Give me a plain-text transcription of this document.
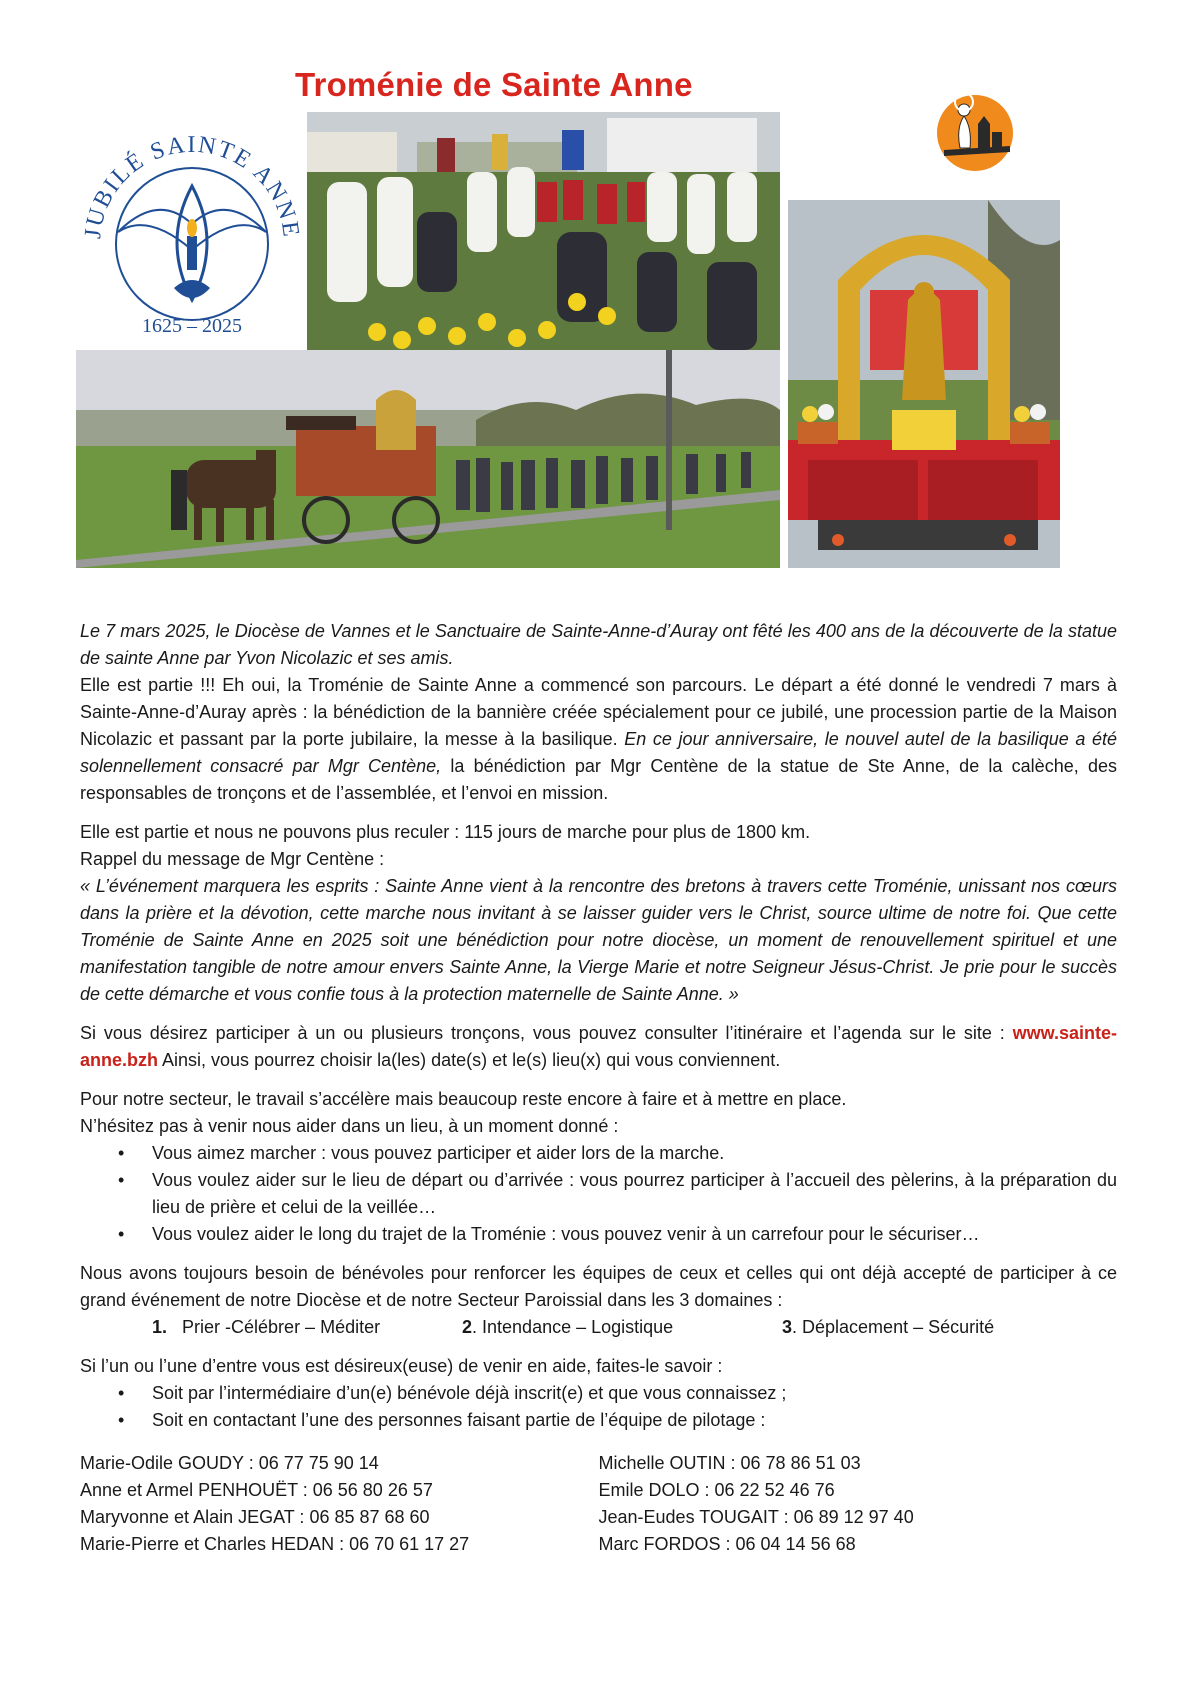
Troménie de Sainte Anne
JUBILÉ SAINTE ANNE
1625 – 2025

Le 7 mars 2025, le Diocèse de Vannes et le Sanctuaire de Sainte-Anne-d’Auray ont fêté les 400 ans de la découverte de la statue de sainte Anne par Yvon Nicolazic et ses amis.

Elle est partie !!! Eh oui, la Troménie de Sainte Anne a commencé son parcours. Le départ a été donné le vendredi 7 mars à Sainte-Anne-d’Auray après : la bénédiction de la bannière créée spécialement pour ce jubilé, une procession partie de la Maison Nicolazic et passant par la porte jubilaire, la messe à la basilique. En ce jour anniversaire, le nouvel autel de la basilique a été solennellement consacré par Mgr Centène, la bénédiction par Mgr Centène de la statue de Ste Anne, de la calèche, des responsables de tronçons et de l’assemblée, et l’envoi en mission.

Elle est partie et nous ne pouvons plus reculer : 115 jours de marche pour plus de 1800 km.

Rappel du message de Mgr Centène :

« L’événement marquera les esprits : Sainte Anne vient à la rencontre des bretons à travers cette Troménie, unissant nos cœurs dans la prière et la dévotion, cette marche nous invitant à se laisser guider vers le Christ, source ultime de notre foi. Que cette Troménie de Sainte Anne en 2025 soit une bénédiction pour notre diocèse, un moment de renouvellement spirituel et une manifestation tangible de notre amour envers Sainte Anne, la Vierge Marie et notre Seigneur Jésus-Christ. Je prie pour le succès de cette démarche et vous confie tous à la protection maternelle de Sainte Anne. »

Si vous désirez participer à un ou plusieurs tronçons, vous pouvez consulter l’itinéraire et l’agenda sur le site : www.sainte-anne.bzh Ainsi, vous pourrez choisir la(les) date(s) et le(s) lieu(x) qui vous conviennent.

Pour notre secteur, le travail s’accélère mais beaucoup reste encore à faire et à mettre en place.

N’hésitez pas à venir nous aider dans un lieu, à un moment donné :

• Vous aimez marcher : vous pouvez participer et aider lors de la marche.
• Vous voulez aider sur le lieu de départ ou d’arrivée : vous pourrez participer à l’accueil des pèlerins, à la préparation du lieu de prière et celui de la veillée…
• Vous voulez aider le long du trajet de la Troménie : vous pouvez venir à un carrefour pour le sécuriser…

Nous avons toujours besoin de bénévoles pour renforcer les équipes de ceux et celles qui ont déjà accepté de participer à ce grand événement de notre Diocèse et de notre Secteur Paroissial dans les 3 domaines :

1. Prier -Célébrer – Méditer	2. Intendance – Logistique	3. Déplacement – Sécurité

Si l’un ou l’une d’entre vous est désireux(euse) de venir en aide, faites-le savoir :

• Soit par l’intermédiaire d’un(e) bénévole déjà inscrit(e) et que vous connaissez ;
• Soit en contactant l’une des personnes faisant partie de l’équipe de pilotage :
Marie-Odile GOUDY : 06 77 75 90 14
Anne et Armel PENHOUËT : 06 56 80 26 57
Maryvonne et Alain JEGAT : 06 85 87 68 60
Marie-Pierre et Charles HEDAN : 06 70 61 17 27
Michelle OUTIN : 06 78 86 51 03
Emile DOLO : 06 22 52 46 76
Jean-Eudes TOUGAIT : 06 89 12 97 40
Marc FORDOS : 06 04 14 56 68
